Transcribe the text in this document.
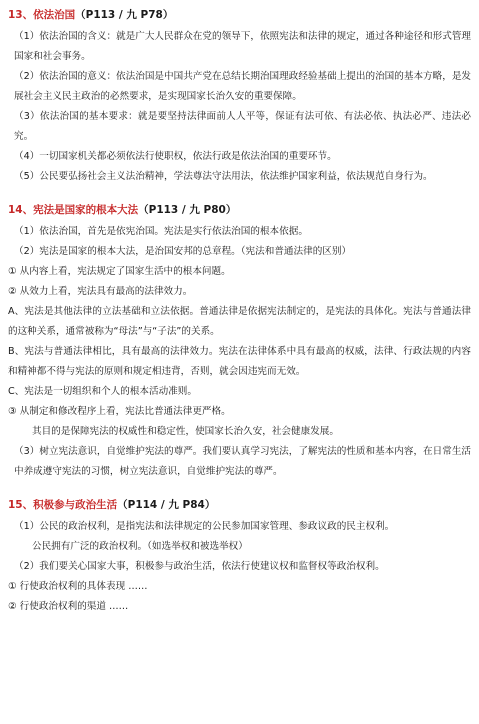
13、依法治国（P113 / 九 P78）

（1）依法治国的含义：就是广大人民群众在党的领导下，依照宪法和法律的规定，通过各种途径和形式管理国家和社会事务。

（2）依法治国的意义：依法治国是中国共产党在总结长期治国理政经验基础上提出的治国的基本方略，是发展社会主义民主政治的必然要求，是实现国家长治久安的重要保障。

（3）依法治国的基本要求：就是要坚持法律面前人人平等，保证有法可依、有法必依、执法必严、违法必究。

（4）一切国家机关都必须依法行使职权，依法行政是依法治国的重要环节。

（5）公民要弘扬社会主义法治精神，学法尊法守法用法，依法维护国家利益，依法规范自身行为。

14、宪法是国家的根本大法（P113 / 九 P80）

（1）依法治国，首先是依宪治国。宪法是实行依法治国的根本依据。

（2）宪法是国家的根本大法，是治国安邦的总章程。（宪法和普通法律的区别）

① 从内容上看，宪法规定了国家生活中的根本问题。

② 从效力上看，宪法具有最高的法律效力。

A、宪法是其他法律的立法基础和立法依据。普通法律是依据宪法制定的，是宪法的具体化。宪法与普通法律的这种关系，通常被称为“母法”与“子法”的关系。

B、宪法与普通法律相比，具有最高的法律效力。宪法在法律体系中具有最高的权威，法律、行政法规的内容和精神都不得与宪法的原则和规定相违背，否则，就会因违宪而无效。

C、宪法是一切组织和个人的根本活动准则。

③ 从制定和修改程序上看，宪法比普通法律更严格。

其目的是保障宪法的权威性和稳定性，使国家长治久安，社会健康发展。

（3）树立宪法意识，自觉维护宪法的尊严。我们要认真学习宪法，了解宪法的性质和基本内容，在日常生活中养成遵守宪法的习惯，树立宪法意识，自觉维护宪法的尊严。

15、积极参与政治生活（P114 / 九 P84）

（1）公民的政治权利，是指宪法和法律规定的公民参加国家管理、参政议政的民主权利。

公民拥有广泛的政治权利。（如选举权和被选举权）

（2）我们要关心国家大事，积极参与政治生活，依法行使建议权和监督权等政治权利。

① 行使政治权利的具体表现 ……

② 行使政治权利的渠道 ……
